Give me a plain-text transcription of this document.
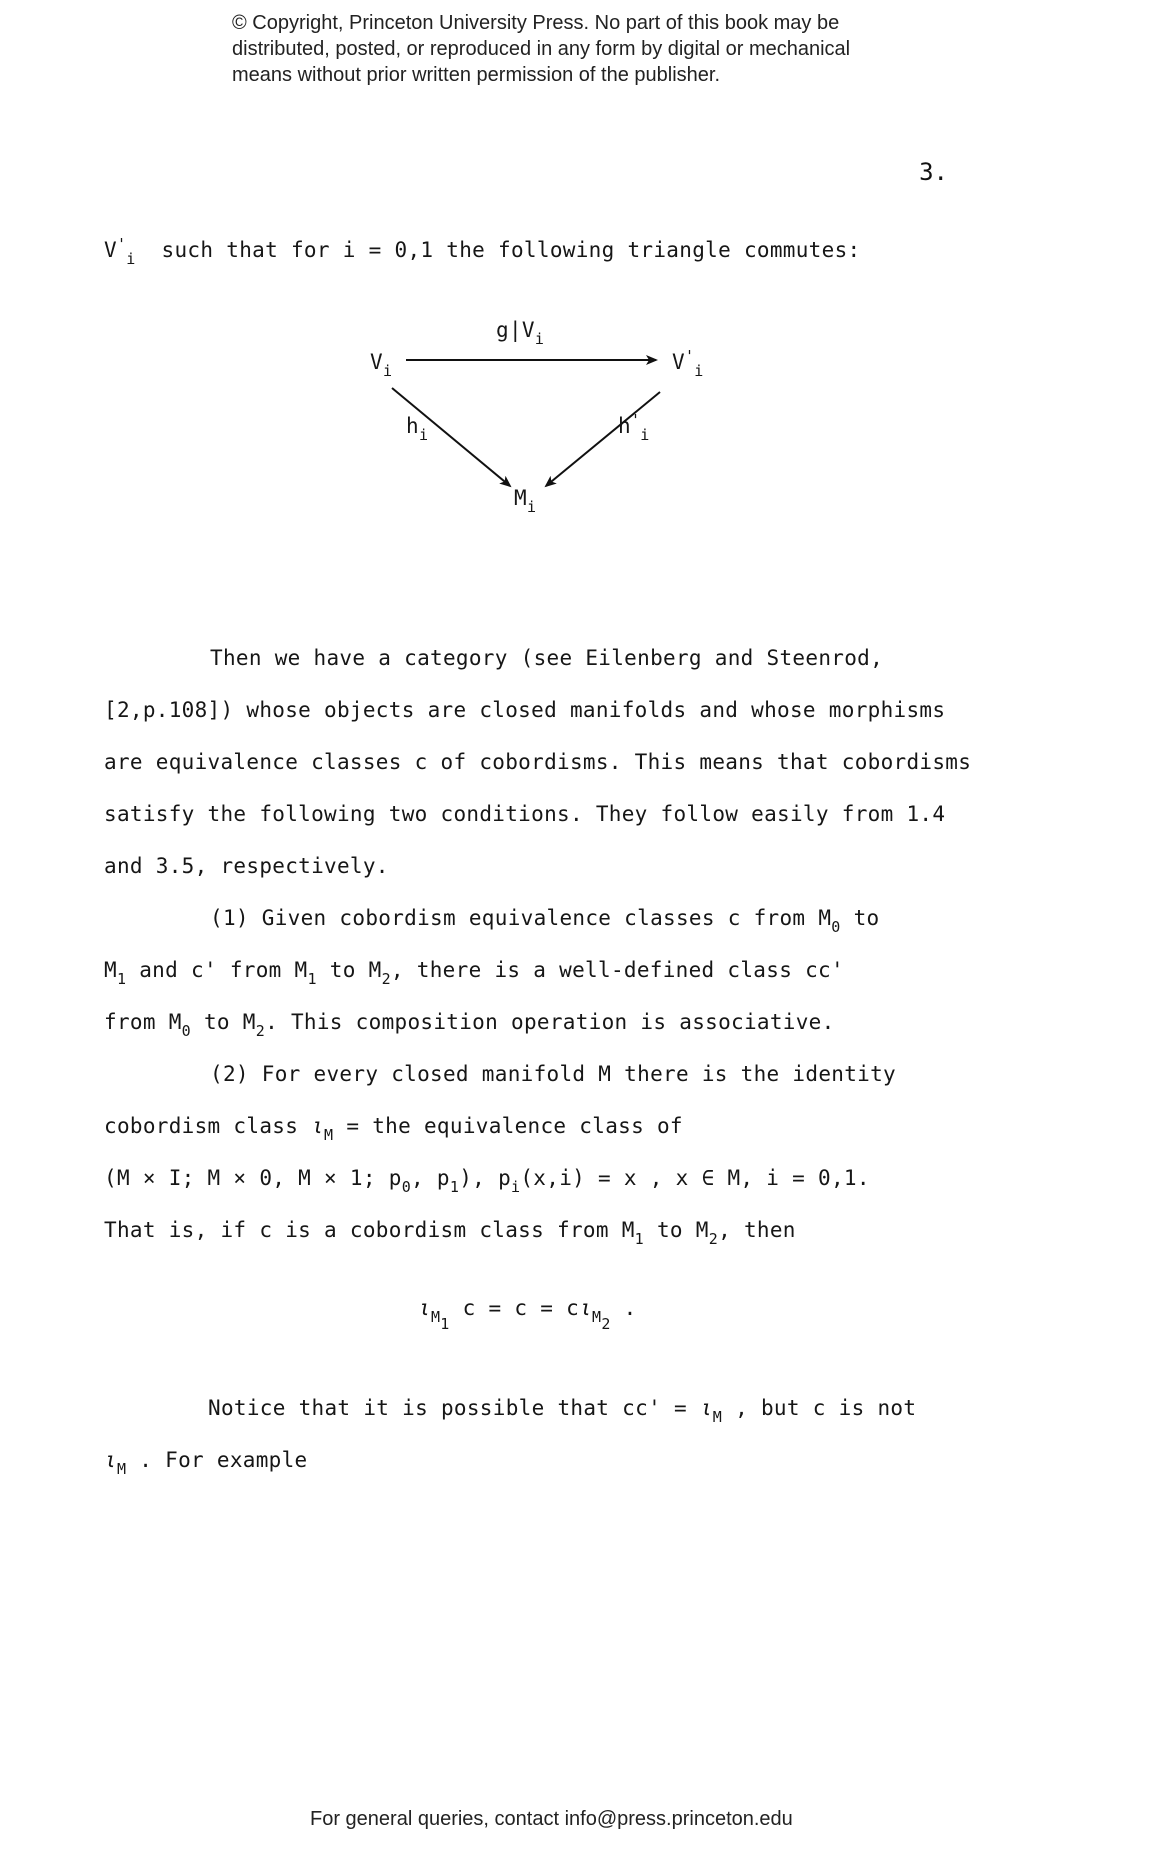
© Copyright, Princeton University Press. No part of this book may be
distributed, posted, or reproduced in any form by digital or mechanical
means without prior written permission of the publisher.
3.
$V'_i$ such that for i = 0,1 the following triangle commutes:
$g|V_i$
$V_i$	$V'_i$
$h_i$	$h'_i$
$M_i$
Then we have a category (see Eilenberg and Steenrod,
[2,p.108]) whose objects are closed manifolds and whose morphisms
are equivalence classes c of cobordisms. This means that cobordisms
satisfy the following two conditions. They follow easily from 1.4
and 3.5, respectively.
(1) Given cobordism equivalence classes c from $M_0$ to
$M_1$ and c' from $M_1$ to $M_2$, there is a well-defined class cc'
from $M_0$ to $M_2$. This composition operation is associative.
(2) For every closed manifold M there is the identity
cobordism class $\iota_M$ = the equivalence class of
(M × I; M × 0, M × 1; $p_0$, $p_1$), $p_i(x,i) = x$ , x ∈ M, i = 0,1.
That is, if c is a cobordism class from $M_1$ to $M_2$, then
$\iota_{M_1}$ $c = c = c\iota_{M_2}$ .
Notice that it is possible that $cc' = \iota_M$ , but c is not
$\iota_M$ . For example
For general queries, contact info@press.princeton.edu
